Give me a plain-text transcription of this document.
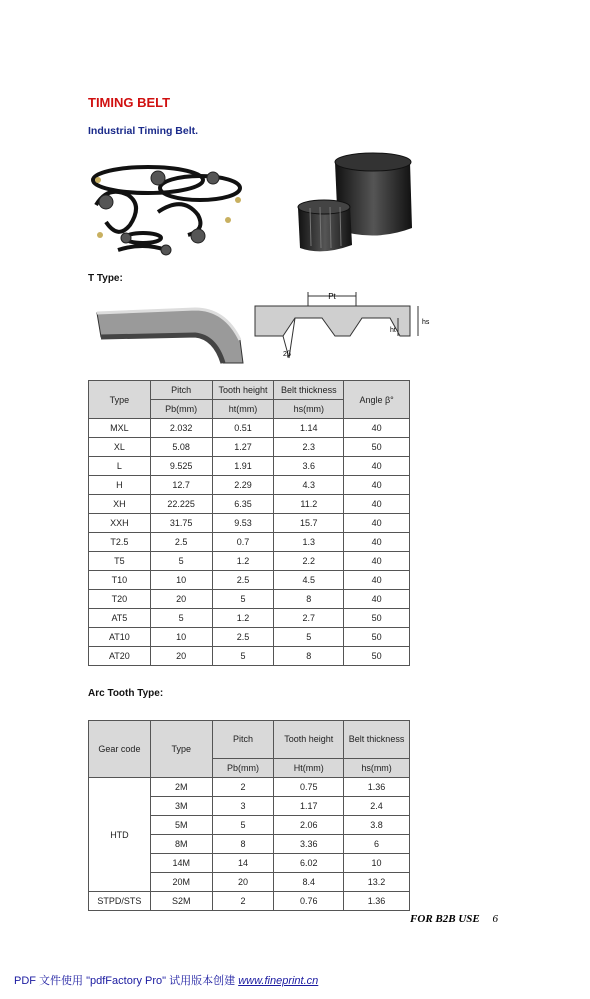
TIMING BELT
Industrial Timing Belt.
T Type:
Pt
hs
ht
2β
Type	Pitch	Tooth height	Belt thickness	Angle β°
	Pb(mm)	ht(mm)	hs(mm)	
MXL	2.032	0.51	1.14	40
XL	5.08	1.27	2.3	50
L	9.525	1.91	3.6	40
H	12.7	2.29	4.3	40
XH	22.225	6.35	11.2	40
XXH	31.75	9.53	15.7	40
T2.5	2.5	0.7	1.3	40
T5	5	1.2	2.2	40
T10	10	2.5	4.5	40
T20	20	5	8	40
AT5	5	1.2	2.7	50
AT10	10	2.5	5	50
AT20	20	5	8	50
Arc Tooth Type:
Gear code	Type	Pitch	Tooth height	Belt thickness
		Pb(mm)	Ht(mm)	hs(mm)
HTD	2M	2	0.75	1.36
	3M	3	1.17	2.4
	5M	5	2.06	3.8
	8M	8	3.36	6
	14M	14	6.02	10
	20M	20	8.4	13.2
STPD/STS	S2M	2	0.76	1.36
FOR B2B USE 6
PDF 文件使用 "pdfFactory Pro" 试用版本创建 www.fineprint.cn
